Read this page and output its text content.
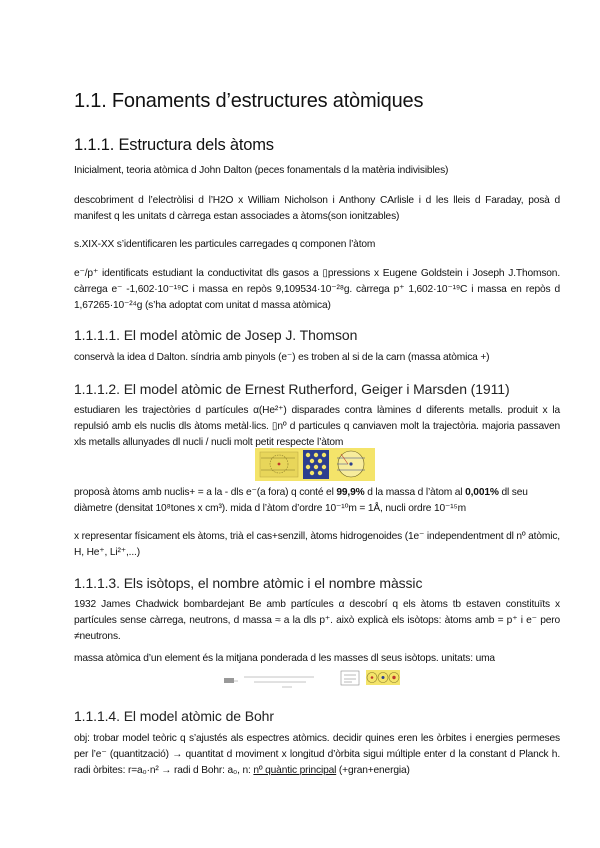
1.1. Fonaments d’estructures atòmiques
1.1.1. Estructura dels àtoms

Inicialment, teoria atòmica d John Dalton (peces fonamentals d la matèria indivisibles)

descobriment d l’electròlisi d l’H2O x William Nicholson i Anthony CArlisle i d les lleis d Faraday, posà d manifest q les unitats d càrrega estan associades a àtoms(son ionitzables)

s.XIX-XX s’identificaren les particules carregades q componen l’àtom

e⁻/p⁺ identificats estudiant la conductivitat dls gasos a ▯pressions x Eugene Goldstein i Joseph J.Thomson. càrrega e⁻ -1,602·10⁻¹⁹C i massa en repòs 9,109534·10⁻²⁸g. càrrega p⁺ 1,602·10⁻¹⁹C i massa en repòs d 1,67265·10⁻²⁴g (s’ha adoptat com unitat d massa atòmica)

1.1.1.1. El model atòmic de Josep J. Thomson

conservà la idea d Dalton. síndria amb pinyols (e⁻) es troben al si de la carn (massa atòmica +)

1.1.1.2. El model atòmic de Ernest Rutherford, Geiger i Marsden (1911)

estudiaren les trajectòries d partícules α(He²⁺) disparades contra làmines d diferents metalls. produit x la repulsió amb els nuclis dls àtoms metàl·lics. ▯nº d particules q canviaven molt la trajectòria. majoria passaven xls metalls allunyades dl nucli / nucli molt petit respecte l’àtom

proposà àtoms amb nuclis+ = a la - dls e⁻(a fora) q conté el 99,9% d la massa d l’àtom al 0,001% dl seu diàmetre (densitat 10⁸tones x cm³). mida d l’àtom d’ordre 10⁻¹⁰m = 1Å, nucli ordre 10⁻¹⁵m

x representar físicament els àtoms, trià el cas+senzill, àtoms hidrogenoides (1e⁻ independentment dl nº atòmic, H, He⁺, Li²⁺,...)

1.1.1.3. Els isòtops, el nombre atòmic i el nombre màssic

1932 James Chadwick bombardejant Be amb partícules α descobrí q els àtoms tb estaven constituïts x partícules sense càrrega, neutrons, d massa ≈ a la dls p⁺. això explicà els isòtops: àtoms amb = p⁺ i e⁻ pero ≠neutrons.

massa atòmica d’un element és la mitjana ponderada d les masses dl seus isòtops. unitats: uma

1.1.1.4. El model atòmic de Bohr

obj: trobar model teòric q s’ajustés als espectres atòmics. decidir quines eren les òrbites i energies permeses per l’e⁻ (quantització) → quantitat d moviment x longitud d’òrbita sigui múltiple enter d la constant d Planck h. radi òrbites: r=a₀·n² → radi d Bohr: a₀, n: nº quàntic principal (+gran+energia)
